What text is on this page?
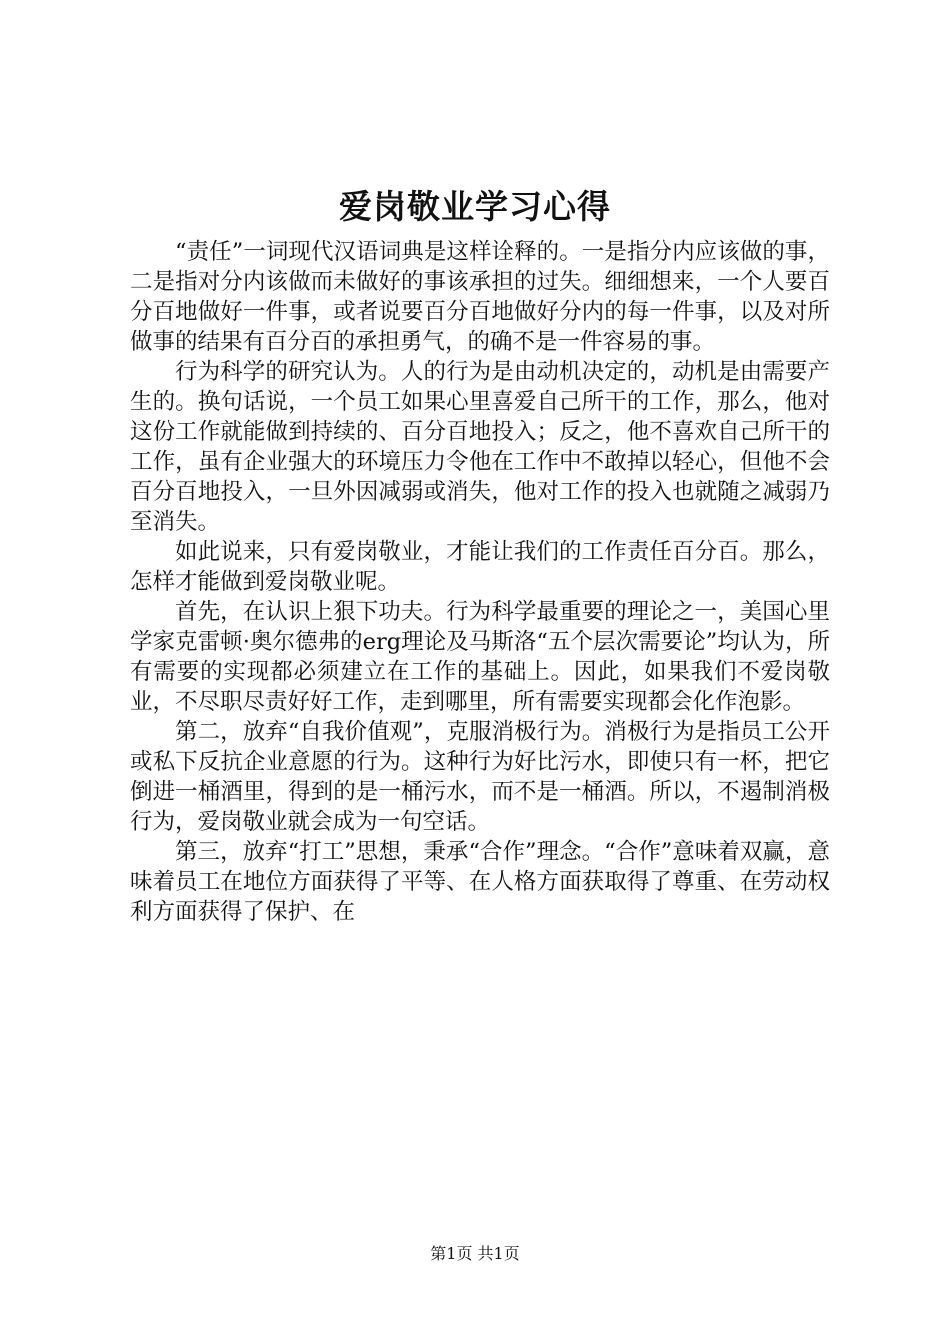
爱岗敬业学习心得

“责任”一词现代汉语词典是这样诠释的。一是指分内应该做的事，二是指对分内该做而未做好的事该承担的过失。细细想来，一个人要百分百地做好一件事，或者说要百分百地做好分内的每一件事，以及对所做事的结果有百分百的承担勇气，的确不是一件容易的事。

行为科学的研究认为。人的行为是由动机决定的，动机是由需要产生的。换句话说，一个员工如果心里喜爱自己所干的工作，那么，他对这份工作就能做到持续的、百分百地投入；反之，他不喜欢自己所干的工作，虽有企业强大的环境压力令他在工作中不敢掉以轻心，但他不会百分百地投入，一旦外因减弱或消失，他对工作的投入也就随之减弱乃至消失。

如此说来，只有爱岗敬业，才能让我们的工作责任百分百。那么，怎样才能做到爱岗敬业呢。

首先，在认识上狠下功夫。行为科学最重要的理论之一，美国心里学家克雷顿·奥尔德弗的erg理论及马斯洛“五个层次需要论”均认为，所有需要的实现都必须建立在工作的基础上。因此，如果我们不爱岗敬业，不尽职尽责好好工作，走到哪里，所有需要实现都会化作泡影。

第二，放弃“自我价值观”，克服消极行为。消极行为是指员工公开或私下反抗企业意愿的行为。这种行为好比污水，即使只有一杯，把它倒进一桶酒里，得到的是一桶污水，而不是一桶酒。所以，不遏制消极行为，爱岗敬业就会成为一句空话。

第三，放弃“打工”思想，秉承“合作”理念。“合作”意味着双赢，意味着员工在地位方面获得了平等、在人格方面获取得了尊重、在劳动权利方面获得了保护、在

第1页 共1页
